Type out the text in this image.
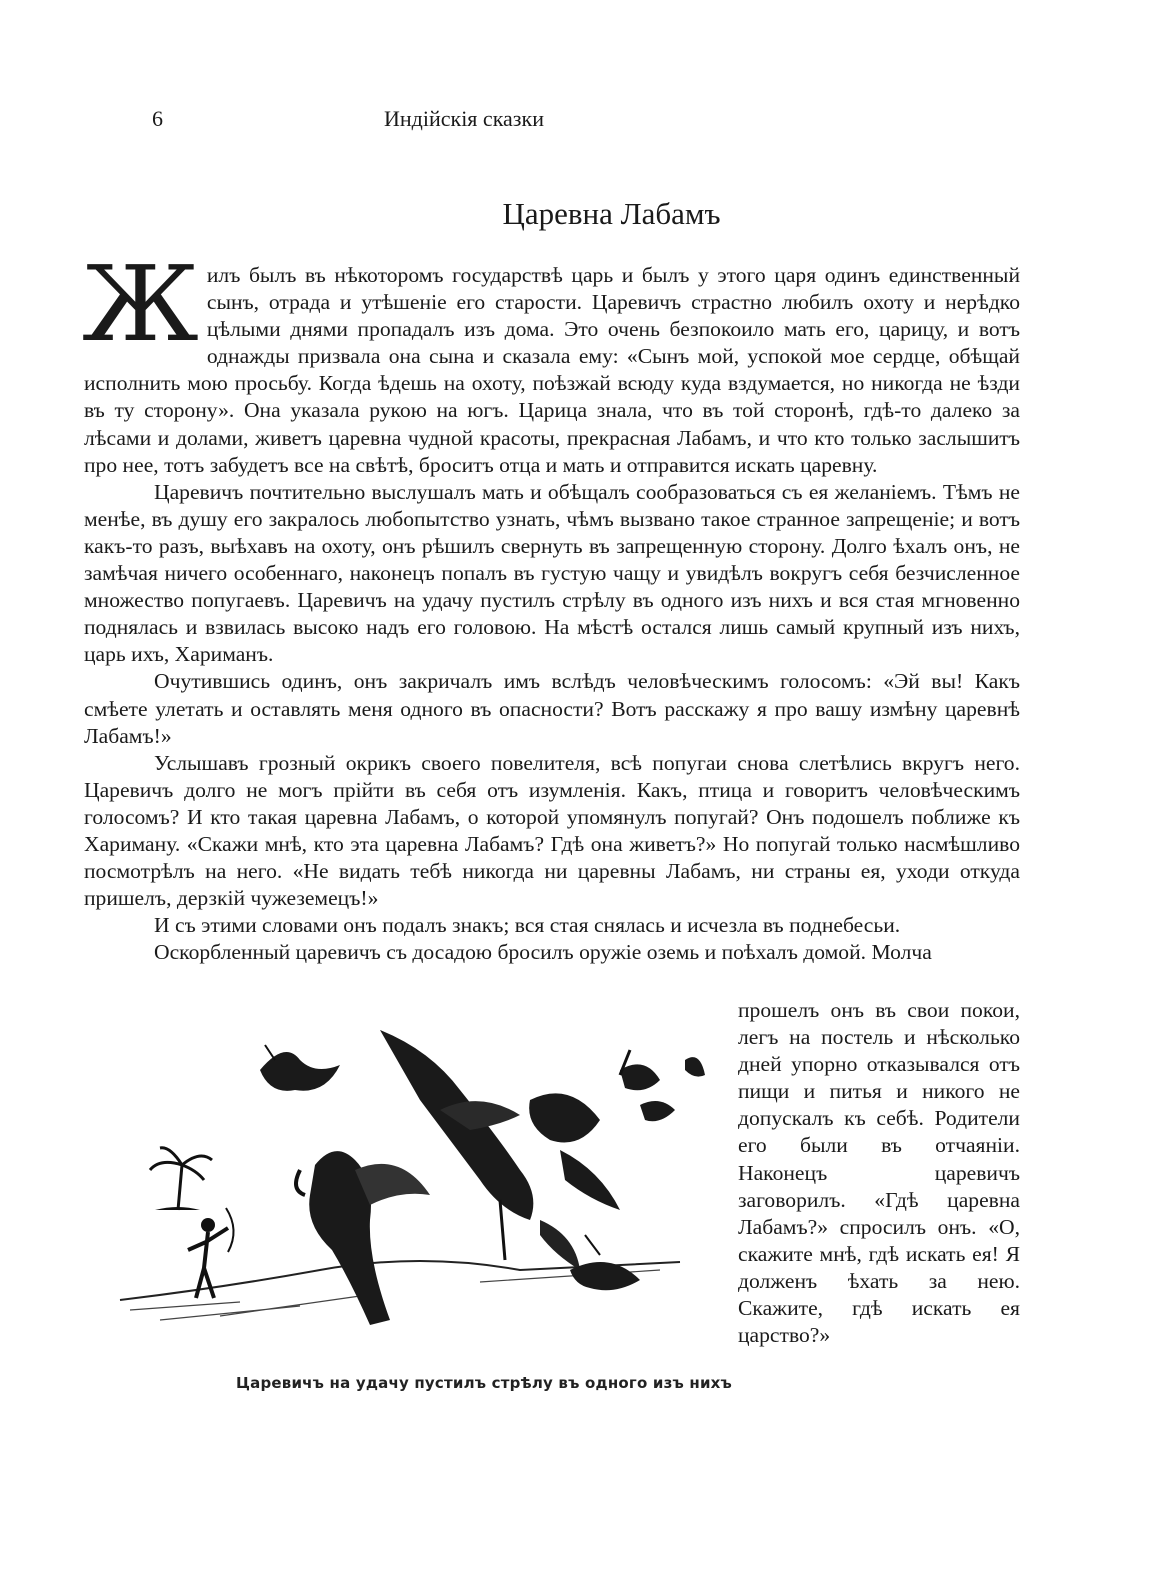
6	Индійскія сказки
Царевна Лабамъ

Жилъ былъ въ нѣкоторомъ государствѣ царь и былъ у этого царя одинъ единственный сынъ, отрада и утѣшеніе его старости. Царевичъ страстно любилъ охоту и нерѣдко цѣлыми днями пропадалъ изъ дома. Это очень безпокоило мать его, царицу, и вотъ однажды призвала она сына и сказала ему: «Сынъ мой, успокой мое сердце, обѣщай исполнить мою просьбу. Когда ѣдешь на охоту, поѣзжай всюду куда вздумается, но никогда не ѣзди въ ту сторону». Она указала рукою на югъ. Царица знала, что въ той сторонѣ, гдѣ-то далеко за лѣсами и долами, живетъ царевна чудной красоты, прекрасная Лабамъ, и что кто только заслышитъ про нее, тотъ забудетъ все на свѣтѣ, броситъ отца и мать и отправится искать царевну.

Царевичъ почтительно выслушалъ мать и обѣщалъ сообразоваться съ ея желаніемъ. Тѣмъ не менѣе, въ душу его закралось любопытство узнать, чѣмъ вызвано такое странное запрещеніе; и вотъ какъ-то разъ, выѣхавъ на охоту, онъ рѣшилъ свернуть въ запрещенную сторону. Долго ѣхалъ онъ, не замѣчая ничего особеннаго, наконецъ попалъ въ густую чащу и увидѣлъ вокругъ себя безчисленное множество попугаевъ. Царевичъ на удачу пустилъ стрѣлу въ одного изъ нихъ и вся стая мгновенно поднялась и взвилась высоко надъ его головою. На мѣстѣ остался лишь самый крупный изъ нихъ, царь ихъ, Хариманъ.

Очутившись одинъ, онъ закричалъ имъ вслѣдъ человѣческимъ голосомъ: «Эй вы! Какъ смѣете улетать и оставлять меня одного въ опасности? Вотъ расскажу я про вашу измѣну царевнѣ Лабамъ!»

Услышавъ грозный окрикъ своего повелителя, всѣ попугаи снова слетѣлись вкругъ него. Царевичъ долго не могъ прійти въ себя отъ изумленія. Какъ, птица и говоритъ человѣческимъ голосомъ? И кто такая царевна Лабамъ, о которой упомянулъ попугай? Онъ подошелъ поближе къ Хариману. «Скажи мнѣ, кто эта царевна Лабамъ? Гдѣ она живетъ?» Но попугай только насмѣшливо посмотрѣлъ на него. «Не видать тебѣ никогда ни царевны Лабамъ, ни страны ея, уходи откуда пришелъ, дерзкій чужеземецъ!»

И съ этими словами онъ подалъ знакъ; вся стая снялась и исчезла въ поднебесьи.

Оскорбленный царевичъ съ досадою бросилъ оружіе оземь и поѣхалъ домой. Молча

прошелъ онъ въ свои покои, легъ на постель и нѣсколько дней упорно отказывался отъ пищи и питья и никого не допускалъ къ себѣ. Родители его были въ отчаяніи. Наконецъ царевичъ заговорилъ. «Гдѣ царевна Лабамъ?» спросилъ онъ. «О, скажите мнѣ, гдѣ искать ея! Я долженъ ѣхать за нею. Скажите, гдѣ искать ея царство?»

Царевичъ на удачу пустилъ стрѣлу въ одного изъ нихъ
